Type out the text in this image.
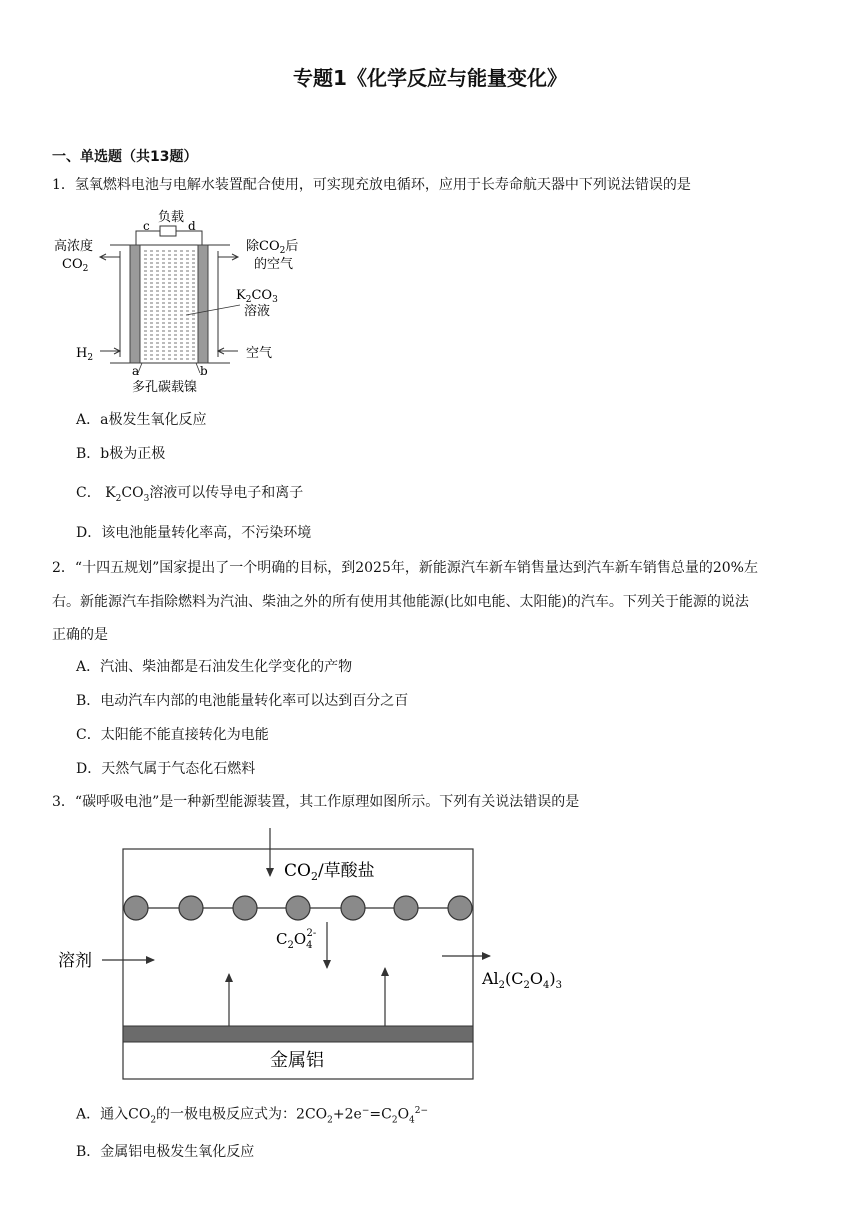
专题1《化学反应与能量变化》
一、单选题（共13题）
1．氢氧燃料电池与电解水装置配合使用，可实现充放电循环，应用于长寿命航天器中下列说法错误的是
负载
c	d
高浓度
$CO_2$
除$CO_2$后
的空气
$K_2CO_3$
溶液
$H_2$	空气
a	b
多孔碳载镍
A．a极发生氧化反应
B．b极为正极
C． $K_2CO_3$溶液可以传导电子和离子
D．该电池能量转化率高，不污染环境
2．“十四五规划”国家提出了一个明确的目标，到2025年，新能源汽车新车销售量达到汽车新车销售总量的20%左
右。新能源汽车指除燃料为汽油、柴油之外的所有使用其他能源(比如电能、太阳能)的汽车。下列关于能源的说法
正确的是
A．汽油、柴油都是石油发生化学变化的产物
B．电动汽车内部的电池能量转化率可以达到百分之百
C．太阳能不能直接转化为电能
D．天然气属于气态化石燃料
3．“碳呼吸电池”是一种新型能源装置，其工作原理如图所示。下列有关说法错误的是
$CO_2/$草酸盐
$C_2O_42-$
溶剂
$Al_2(C_2O_4)_3$
金属铝
A．通入$CO_2$的一极电极反应式为：$2CO_2+2e^-=C_2O_4^{2-}$
B．金属铝电极发生氧化反应
